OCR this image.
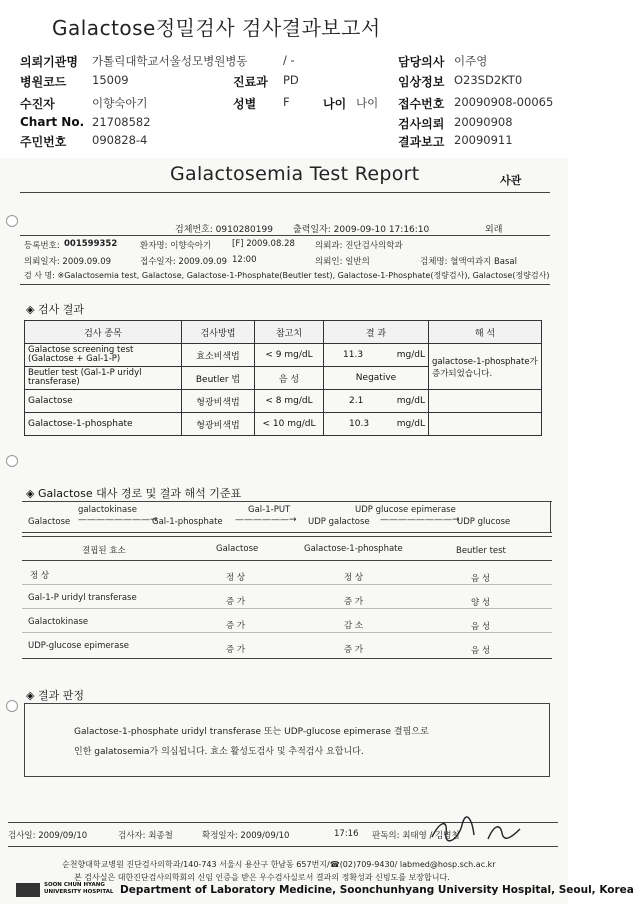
Galactose정밀검사 검사결과보고서
의뢰기관명 가톨릭대학교서울성모병원병동	/ -	담당의사 이주영
병원코드 15009	진료과 PD	임상정보 O23SD2KT0
수진자	이향숙아기	성별 F	나이 나이 접수번호 20090908-00065
Chart No. 21708582	검사의뢰 20090908
주민번호 090828-4	결과보고 20090911
Galactosemia Test Report	사관
검체번호: 0910280199 출력일자: 2009-09-10 17:16:10	외래
등록번호: 001599352	환자명: 이향숙아기 [F] 2009.08.28 의뢰과: 진단검사의학과
의뢰일자: 2009.09.09	접수일자: 2009.09.09 12:00	의뢰인: 일반의	검체명: 혈액여과지 Basal
검 사 명: ※Galactosemia test, Galactose, Galactose-1-Phosphate(Beutler test), Galactose-1-Phosphate(정량검사), Galactose(정량검사)
◈ 검사 결과
검사 종목	검사방법	참고치	결 과	해 석
Galactose screening test (Galactose + Gal-1-P)	효소비색법	< 9 mg/dL	11.3 mg/dL	galactose-1-phosphate가 증가되었습니다.
Beutler test (Gal-1-P uridyl transferase)	Beutler 법	음 성	Negative	
Galactose	형광비색법	< 8 mg/dL	2.1 mg/dL	

Galactose-1-phosphate	형광비색법	< 10 mg/dL	10.3 mg/dL	

◈ Galactose 대사 경로 및 결과 해석 기준표
galactokinase	Gal-1-PUT	UDP glucose epimerase
Galactose ————————→
Gal-1-phosphate ——————→ UDP galactose ————————→
UDP glucose
결핍된 효소	Galactose	Galactose-1-phosphate	Beutler test
정 상	정 상	정 상	음 성
Gal-1-P uridyl transferase	증 가	증 가	양 성
Galactokinase	증 가	감 소	음 성
UDP-glucose epimerase	증 가	증 가	음 성
◈ 결과 판정
Galactose-1-phosphate uridyl transferase 또는 UDP-glucose epimerase 결핍으로
인한 galatosemia가 의심됩니다. 효소 활성도검사 및 추적검사 요합니다.
검사일: 2009/09/10	검사자: 최종철	확정일자: 2009/09/10	17:16 판독의: 최태영 / 김병철
순천향대학교병원 진단검사의학과/140-743 서울시 용산구 한남동 657번지/☎(02)709-9430/ labmed@hosp.sch.ac.kr
본 검사실은 대한진단검사의학회의 신임 인증을 받은 우수검사실로서 결과의 정확성과 신빙도를 보장합니다.
SOON CHUN HYANG
UNIVERSITY HOSPITAL Department of Laboratory Medicine, Soonchunhyang University Hospital, Seoul, Korea
